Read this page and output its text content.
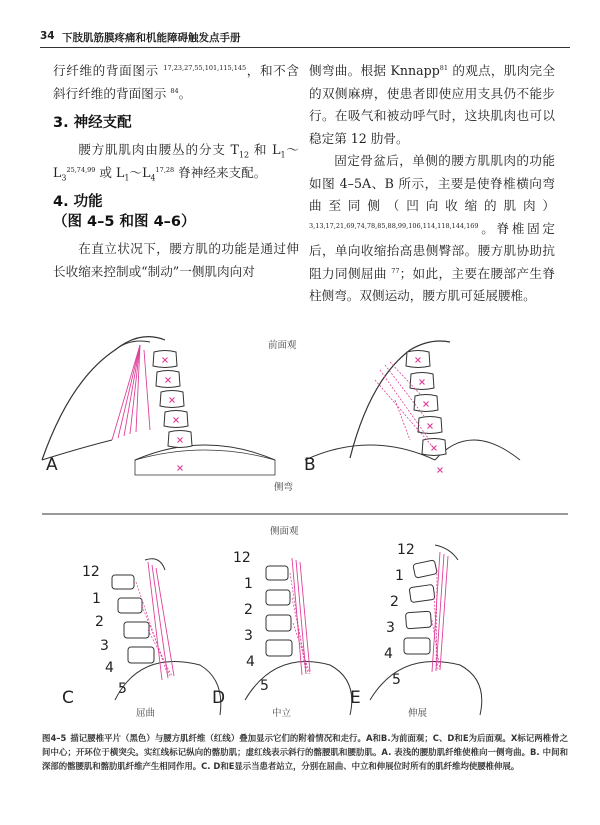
34 下肢肌筋膜疼痛和机能障碍触发点手册

行纤维的背面图示 $^{17,23,27,55,101,115,145}$，和不含斜行纤维的背面图示 $^{84}$。

3. 神经支配

腰方肌肌肉由腰丛的分支 $T_{12}$ 和 $L_1\sim L_3^{25,74,99}$ 或 $L_1\sim L_4^{17,28}$ 脊神经来支配。

4. 功能
（图 4–5 和图 4–6）

在直立状况下，腰方肌的功能是通过伸长收缩来控制或“制动”一侧肌肉向对

侧弯曲。根据 Knnapp$^{81}$ 的观点，肌肉完全的双侧麻痹，使患者即使应用支具仍不能步行。在吸气和被动呼气时，这块肌肉也可以稳定第 12 肋骨。

固定骨盆后，单侧的腰方肌肌肉的功能如图 4–5A、B 所示，主要是使脊椎横向弯曲至同侧（凹向收缩的肌肉）$^{3,13,17,21,69,74,78,85,88,99,106,114,118,144,169}$。脊椎固定后，单向收缩抬高患侧臀部。腰方肌协助抗阻力同侧屈曲 $^{77}$；如此，主要在腰部产生脊柱侧弯。双侧运动，腰方肌可延展腰椎。

前面观
A	B
侧弯
侧面观
12
1
2
3
4
5
12
1
2
3
4
5
12
1
2
3
4
5
C	D	E
屈曲	中立	伸展
图4–5 描记腰椎平片（黑色）与腰方肌纤维（红线）叠加显示它们的附着情况和走行。A和B.为前面观；C、D和E为后面观。X标记两椎骨之间中心；开环位于横突尖。实红线标记纵向的髂肋肌；虚红线表示斜行的髂腰肌和腰肋肌。A. 表浅的腰肋肌纤维使椎向一侧弯曲。B. 中间和深部的髂腰肌和髂肋肌纤维产生相同作用。C. D和E显示当患者站立，分别在屈曲、中立和伸展位时所有的肌纤维均使腰椎伸展。
